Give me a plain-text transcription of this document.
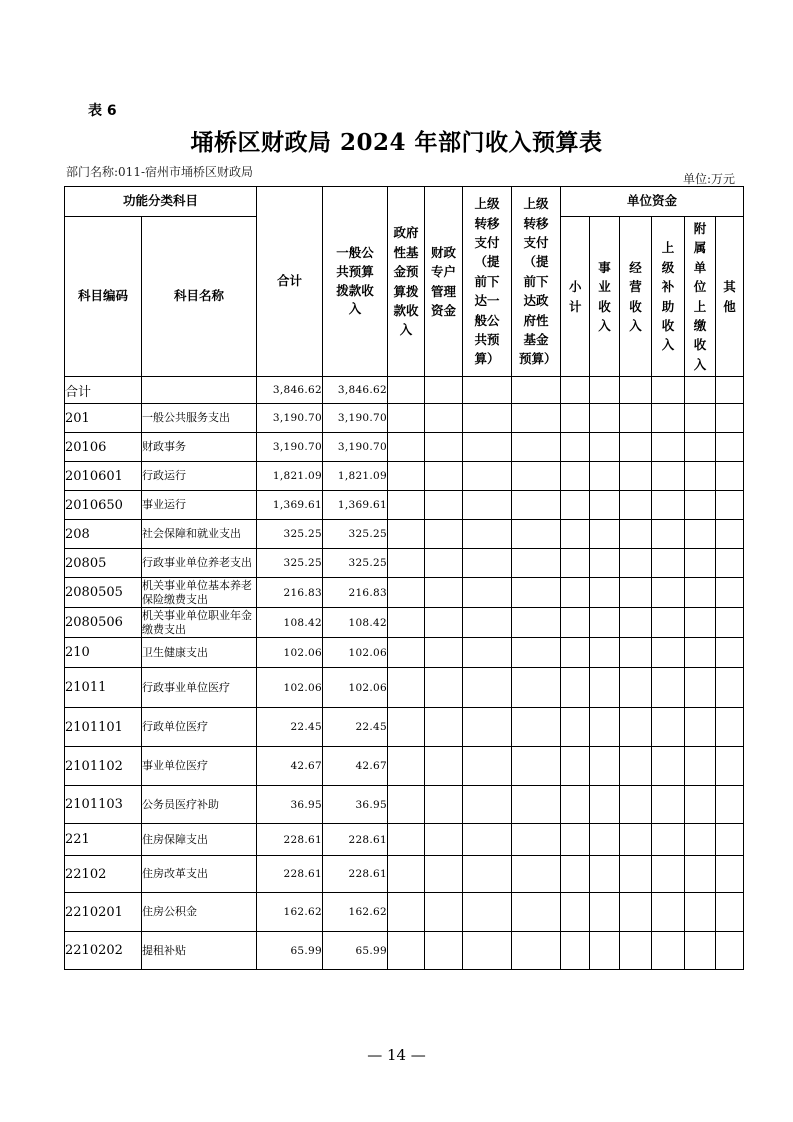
表 6
埇桥区财政局 2024 年部门收入预算表
部门名称:011-宿州市埇桥区财政局	单位:万元
功能分类科目		合计	一般公共预算拨款收入	政府性基金预算拨款收入	财政专户管理资金	上级转移支付（提前下达一般公共预算）	上级转移支付（提前下达政府性基金预算）	单位资金					
科目编码	科目名称							小计	事业收入	经营收入	上级补助收入	附属单位上缴收入	其他
合计		3,846.62	3,846.62										
201	一般公共服务支出	3,190.70	3,190.70										
20106	财政事务	3,190.70	3,190.70										
2010601	行政运行	1,821.09	1,821.09										
2010650	事业运行	1,369.61	1,369.61										
208	社会保障和就业支出	325.25	325.25										
20805	行政事业单位养老支出	325.25	325.25										
2080505	机关事业单位基本养老保险缴费支出	216.83	216.83										
2080506	机关事业单位职业年金缴费支出	108.42	108.42										
210	卫生健康支出	102.06	102.06										
21011	行政事业单位医疗	102.06	102.06										
2101101	行政单位医疗	22.45	22.45										
2101102	事业单位医疗	42.67	42.67										
2101103	公务员医疗补助	36.95	36.95										
221	住房保障支出	228.61	228.61										
22102	住房改革支出	228.61	228.61										
2210201	住房公积金	162.62	162.62										
2210202	提租补贴	65.99	65.99										
— 14 —
